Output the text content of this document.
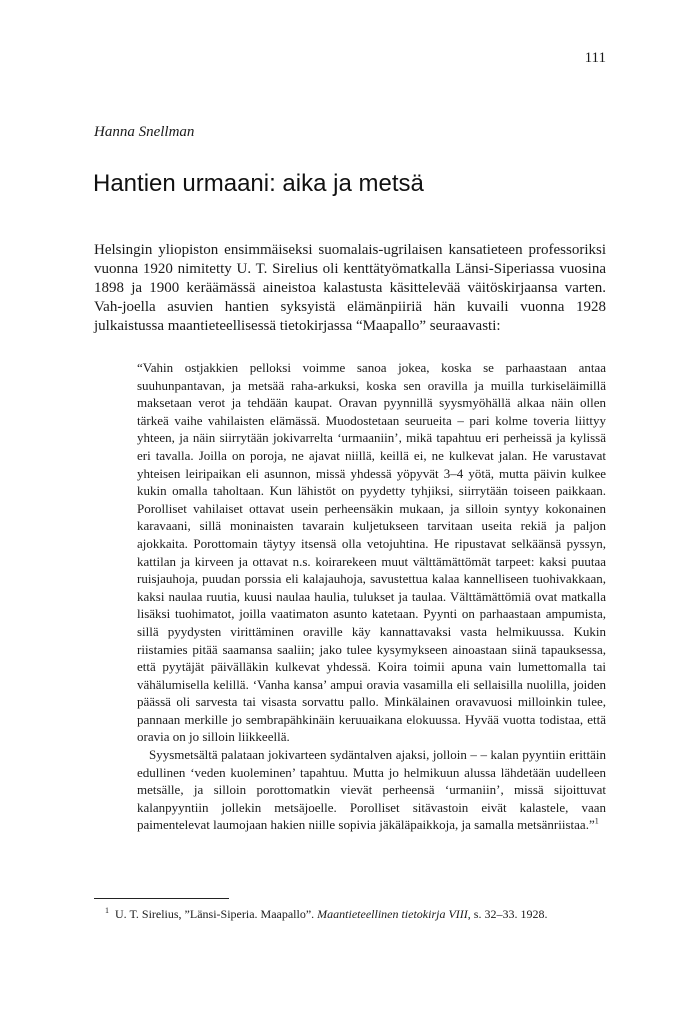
111
Hanna Snellman
Hantien urmaani: aika ja metsä

Helsingin yliopiston ensimmäiseksi suomalais-ugrilaisen kansatieteen professoriksi vuonna 1920 nimitetty U. T. Sirelius oli kenttätyömatkalla Länsi-Siperiassa vuosina 1898 ja 1900 keräämässä aineistoa kalastusta käsittelevää väitöskirjaansa varten. Vah-joella asuvien hantien syksyistä elämänpiiriä hän kuvaili vuonna 1928 julkaistussa maantieteellisessä tietokirjassa “Maapallo” seuraavasti:

“Vahin ostjakkien pelloksi voimme sanoa jokea, koska se parhaastaan antaa suuhunpantavan, ja metsää raha-arkuksi, koska sen oravilla ja muilla turkiseläimillä maksetaan verot ja tehdään kaupat. Oravan pyynnillä syysmyöhällä alkaa näin ollen tärkeä vaihe vahilaisten elämässä. Muodostetaan seurueita – pari kolme toveria liittyy yhteen, ja näin siirrytään jokivarrelta ‘urmaaniin’, mikä tapahtuu eri perheissä ja kylissä eri tavalla. Joilla on poroja, ne ajavat niillä, keillä ei, ne kulkevat jalan. He varustavat yhteisen leiripaikan eli asunnon, missä yhdessä yöpyvät 3–4 yötä, mutta päivin kulkee kukin omalla taholtaan. Kun lähistöt on pyydetty tyhjiksi, siirrytään toiseen paikkaan. Porolliset vahilaiset ottavat usein perheensäkin mukaan, ja silloin syntyy kokonainen karavaani, sillä moninaisten tavarain kuljetukseen tarvitaan useita rekiä ja paljon ajokkaita. Porottomain täytyy itsensä olla vetojuhtina. He ripustavat selkäänsä pyssyn, kattilan ja kirveen ja ottavat n.s. koirarekeen muut välttämättömät tarpeet: kaksi puutaa ruisjauhoja, puudan porssia eli kalajauhoja, savustettua kalaa kannelliseen tuohivakkaan, kaksi naulaa ruutia, kuusi naulaa haulia, tulukset ja taulaa. Välttämättömiä ovat matkalla lisäksi tuohimatot, joilla vaatimaton asunto katetaan. Pyynti on parhaastaan ampumista, sillä pyydysten virittäminen oraville käy kannattavaksi vasta helmikuussa. Kukin riistamies pitää saamansa saaliin; jako tulee kysymykseen ainoastaan siinä tapauksessa, että pyytäjät päivälläkin kulkevat yhdessä. Koira toimii apuna vain lumettomalla tai vähälumisella kelillä. ‘Vanha kansa’ ampui oravia vasamilla eli sellaisilla nuolilla, joiden päässä oli sarvesta tai visasta sorvattu pallo. Minkälainen oravavuosi milloinkin tulee, pannaan merkille jo sembrapähkinäin keruuaikana elokuussa. Hyvää vuotta todistaa, että oravia on jo silloin liikkeellä.

Syysmetsältä palataan jokivarteen sydäntalven ajaksi, jolloin – – kalan pyyntiin erittäin edullinen ‘veden kuoleminen’ tapahtuu. Mutta jo helmikuun alussa lähdetään uudelleen metsälle, ja silloin porottomatkin vievät perheensä ‘urmaniin’, missä sijoittuvat kalanpyyntiin jollekin metsäjoelle. Porolliset sitävastoin eivät kalastele, vaan paimentelevat laumojaan hakien niille sopivia jäkäläpaikkoja, ja samalla metsänriistaa.”$^1$

$^1$ U. T. Sirelius, ”Länsi-Siperia. Maapallo”. Maantieteellinen tietokirja VIII, s. 32–33. 1928.
